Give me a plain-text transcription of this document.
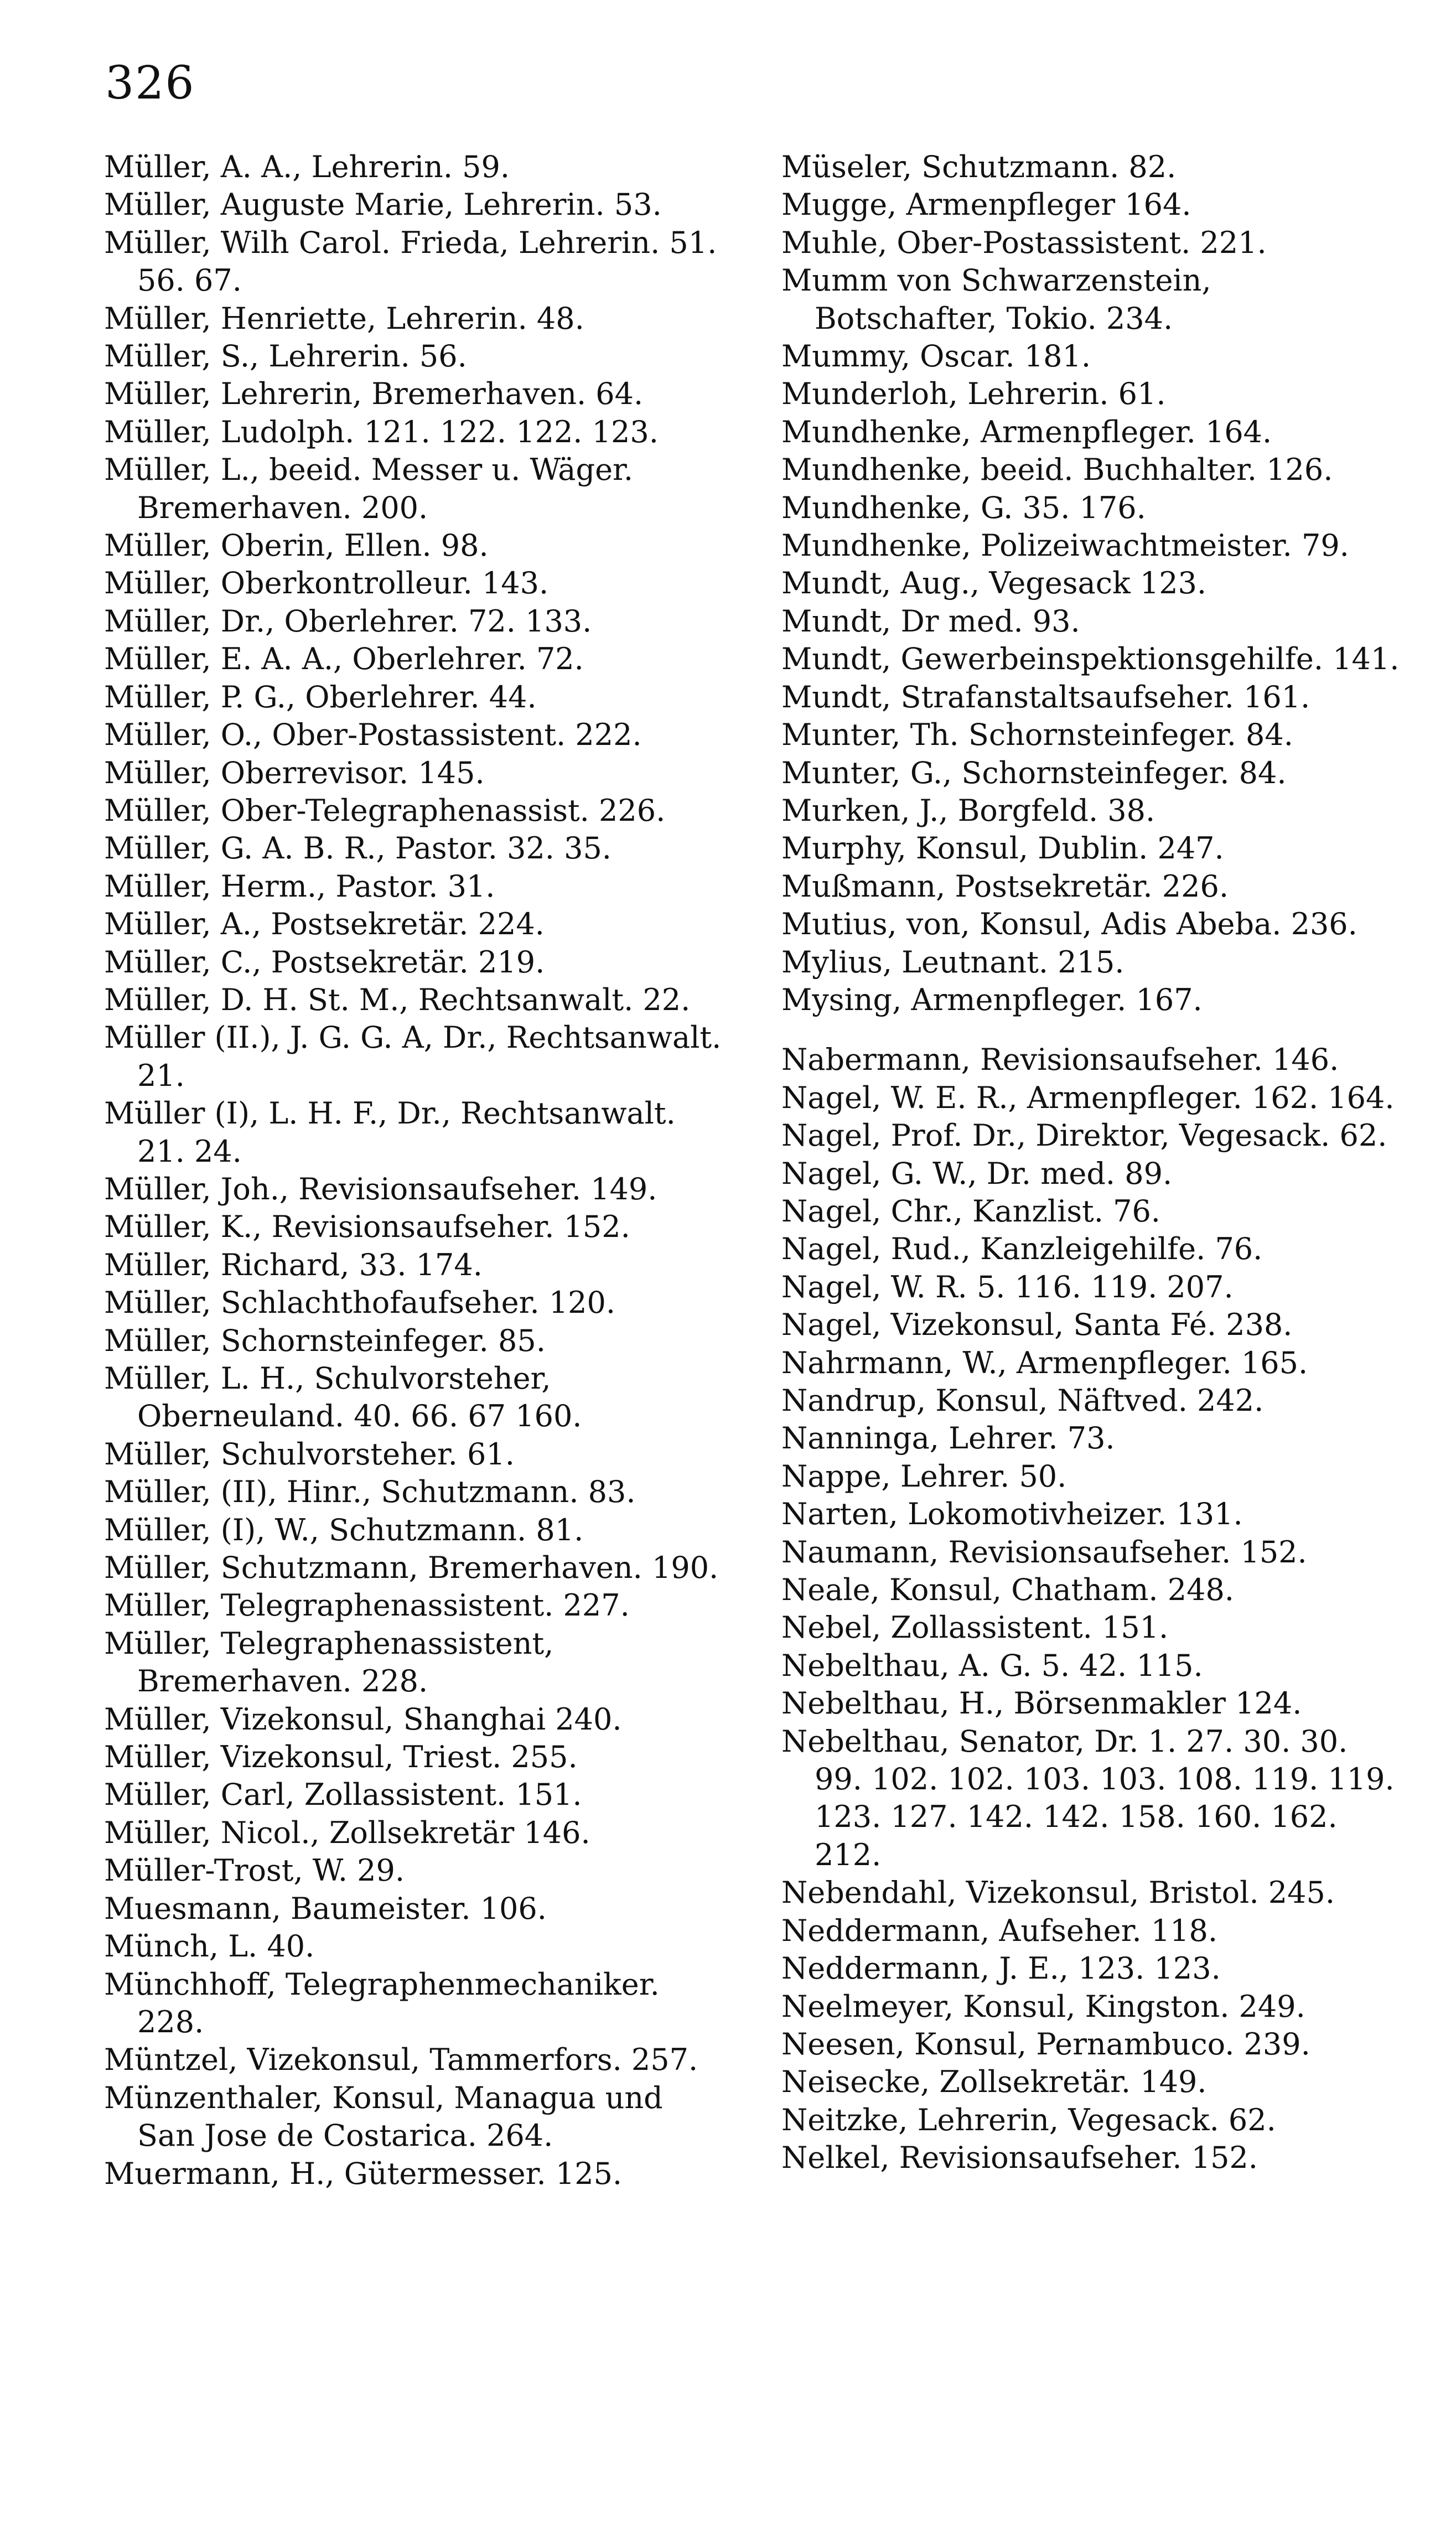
326
Müller, A. A., Lehrerin. 59.
Müller, Auguste Marie, Lehrerin. 53.
Müller, Wilh Carol. Frieda, Lehrerin. 51. 56. 67.
Müller, Henriette, Lehrerin. 48.
Müller, S., Lehrerin. 56.
Müller, Lehrerin, Bremerhaven. 64.
Müller, Ludolph. 121. 122. 122. 123.
Müller, L., beeid. Messer u. Wäger. Bremerhaven. 200.
Müller, Oberin, Ellen. 98.
Müller, Oberkontrolleur. 143.
Müller, Dr., Oberlehrer. 72. 133.
Müller, E. A. A., Oberlehrer. 72.
Müller, P. G., Oberlehrer. 44.
Müller, O., Ober-Postassistent. 222.
Müller, Oberrevisor. 145.
Müller, Ober-Telegraphenassist. 226.
Müller, G. A. B. R., Pastor. 32. 35.
Müller, Herm., Pastor. 31.
Müller, A., Postsekretär. 224.
Müller, C., Postsekretär. 219.
Müller, D. H. St. M., Rechtsanwalt. 22.
Müller (II.), J. G. G. A, Dr., Rechtsanwalt. 21.
Müller (I), L. H. F., Dr., Rechtsanwalt. 21. 24.
Müller, Joh., Revisionsaufseher. 149.
Müller, K., Revisionsaufseher. 152.
Müller, Richard, 33. 174.
Müller, Schlachthofaufseher. 120.
Müller, Schornsteinfeger. 85.
Müller, L. H., Schulvorsteher, Oberneuland. 40. 66. 67 160.
Müller, Schulvorsteher. 61.
Müller, (II), Hinr., Schutzmann. 83.
Müller, (I), W., Schutzmann. 81.
Müller, Schutzmann, Bremerhaven. 190.
Müller, Telegraphenassistent. 227.
Müller, Telegraphenassistent, Bremerhaven. 228.
Müller, Vizekonsul, Shanghai 240.
Müller, Vizekonsul, Triest. 255.
Müller, Carl, Zollassistent. 151.
Müller, Nicol., Zollsekretär 146.
Müller-Trost, W. 29.
Muesmann, Baumeister. 106.
Münch, L. 40.
Münchhoff, Telegraphenmechaniker. 228.
Müntzel, Vizekonsul, Tammerfors. 257.
Münzenthaler, Konsul, Managua und San Jose de Costarica. 264.
Muermann, H., Gütermesser. 125.
Müseler, Schutzmann. 82.
Mugge, Armenpfleger 164.
Muhle, Ober-Postassistent. 221.
Mumm von Schwarzenstein, Botschafter, Tokio. 234.
Mummy, Oscar. 181.
Munderloh, Lehrerin. 61.
Mundhenke, Armenpfleger. 164.
Mundhenke, beeid. Buchhalter. 126.
Mundhenke, G. 35. 176.
Mundhenke, Polizeiwachtmeister. 79.
Mundt, Aug., Vegesack 123.
Mundt, Dr med. 93.
Mundt, Gewerbeinspektionsgehilfe. 141.
Mundt, Strafanstaltsaufseher. 161.
Munter, Th. Schornsteinfeger. 84.
Munter, G., Schornsteinfeger. 84.
Murken, J., Borgfeld. 38.
Murphy, Konsul, Dublin. 247.
Mußmann, Postsekretär. 226.
Mutius, von, Konsul, Adis Abeba. 236.
Mylius, Leutnant. 215.
Mysing, Armenpfleger. 167.
Nabermann, Revisionsaufseher. 146.
Nagel, W. E. R., Armenpfleger. 162. 164.
Nagel, Prof. Dr., Direktor, Vegesack. 62.
Nagel, G. W., Dr. med. 89.
Nagel, Chr., Kanzlist. 76.
Nagel, Rud., Kanzleigehilfe. 76.
Nagel, W. R. 5. 116. 119. 207.
Nagel, Vizekonsul, Santa Fé. 238.
Nahrmann, W., Armenpfleger. 165.
Nandrup, Konsul, Näftved. 242.
Nanninga, Lehrer. 73.
Nappe, Lehrer. 50.
Narten, Lokomotivheizer. 131.
Naumann, Revisionsaufseher. 152.
Neale, Konsul, Chatham. 248.
Nebel, Zollassistent. 151.
Nebelthau, A. G. 5. 42. 115.
Nebelthau, H., Börsenmakler 124.
Nebelthau, Senator, Dr. 1. 27. 30. 30. 99. 102. 102. 103. 103. 108. 119. 119. 123. 127. 142. 142. 158. 160. 162. 212.
Nebendahl, Vizekonsul, Bristol. 245.
Neddermann, Aufseher. 118.
Neddermann, J. E., 123. 123.
Neelmeyer, Konsul, Kingston. 249.
Neesen, Konsul, Pernambuco. 239.
Neisecke, Zollsekretär. 149.
Neitzke, Lehrerin, Vegesack. 62.
Nelkel, Revisionsaufseher. 152.
